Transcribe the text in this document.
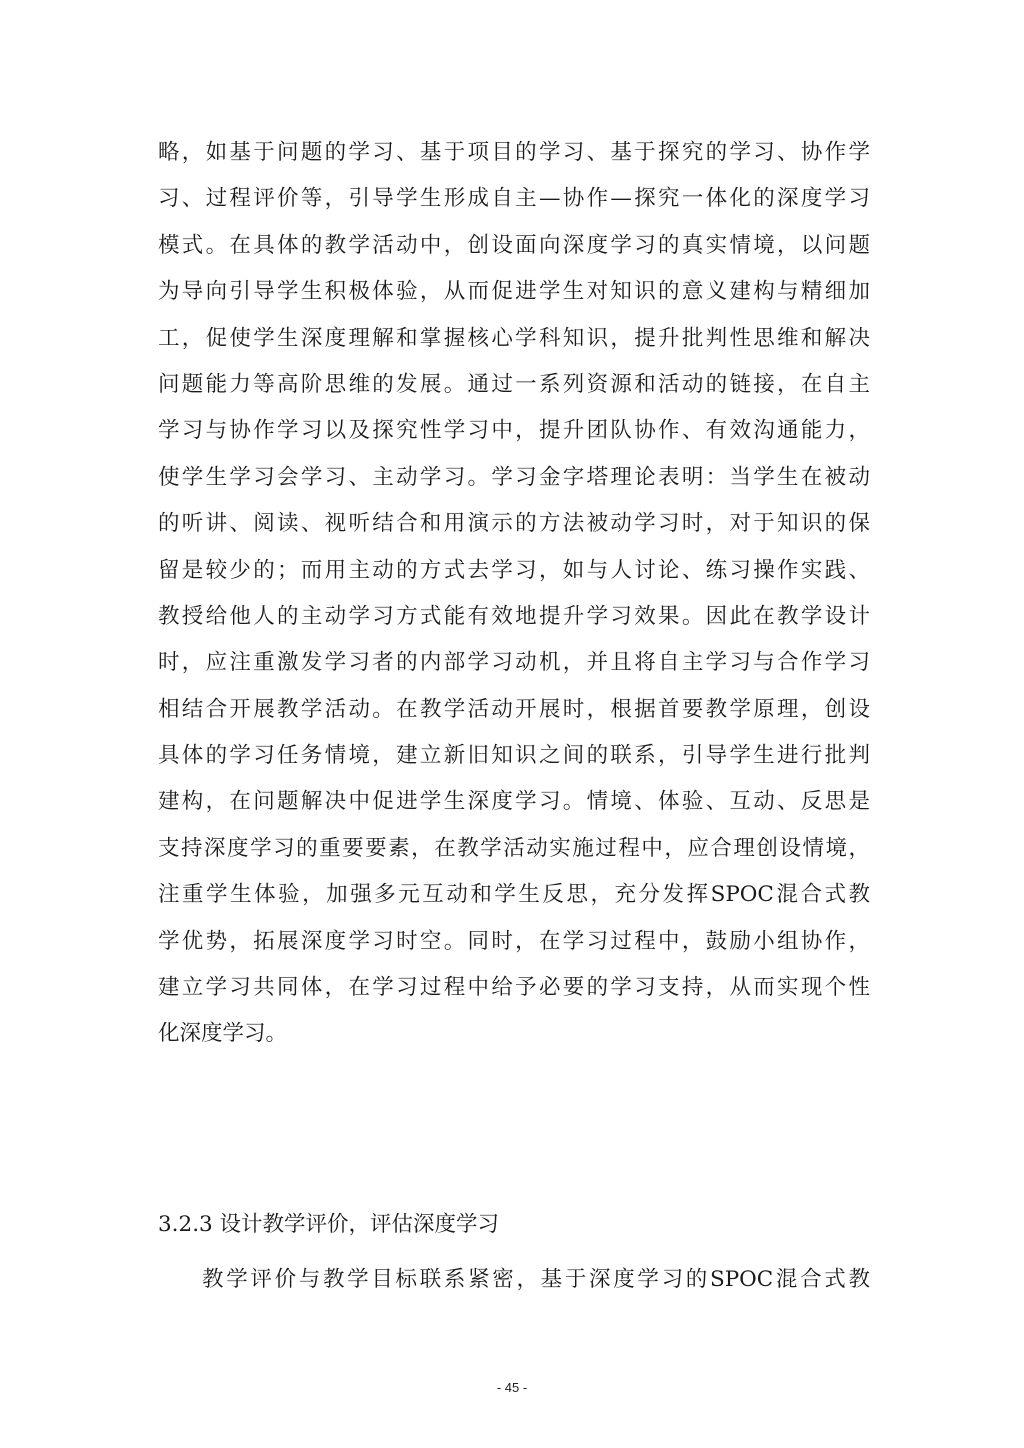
略，如基于问题的学习、基于项目的学习、基于探究的学习、协作学
习、过程评价等，引导学生形成自主—协作—探究一体化的深度学习
模式。在具体的教学活动中，创设面向深度学习的真实情境，以问题
为导向引导学生积极体验，从而促进学生对知识的意义建构与精细加
工，促使学生深度理解和掌握核心学科知识，提升批判性思维和解决
问题能力等高阶思维的发展。通过一系列资源和活动的链接，在自主
学习与协作学习以及探究性学习中，提升团队协作、有效沟通能力，
使学生学习会学习、主动学习。学习金字塔理论表明：当学生在被动
的听讲、阅读、视听结合和用演示的方法被动学习时，对于知识的保
留是较少的；而用主动的方式去学习，如与人讨论、练习操作实践、
教授给他人的主动学习方式能有效地提升学习效果。因此在教学设计
时，应注重激发学习者的内部学习动机，并且将自主学习与合作学习
相结合开展教学活动。在教学活动开展时，根据首要教学原理，创设
具体的学习任务情境，建立新旧知识之间的联系，引导学生进行批判
建构，在问题解决中促进学生深度学习。情境、体验、互动、反思是
支持深度学习的重要要素，在教学活动实施过程中，应合理创设情境，
注重学生体验，加强多元互动和学生反思，充分发挥SPOC混合式教
学优势，拓展深度学习时空。同时，在学习过程中，鼓励小组协作，
建立学习共同体，在学习过程中给予必要的学习支持，从而实现个性
化深度学习。
3.2.3 设计教学评价，评估深度学习
教学评价与教学目标联系紧密，基于深度学习的SPOC混合式教
- 45 -
